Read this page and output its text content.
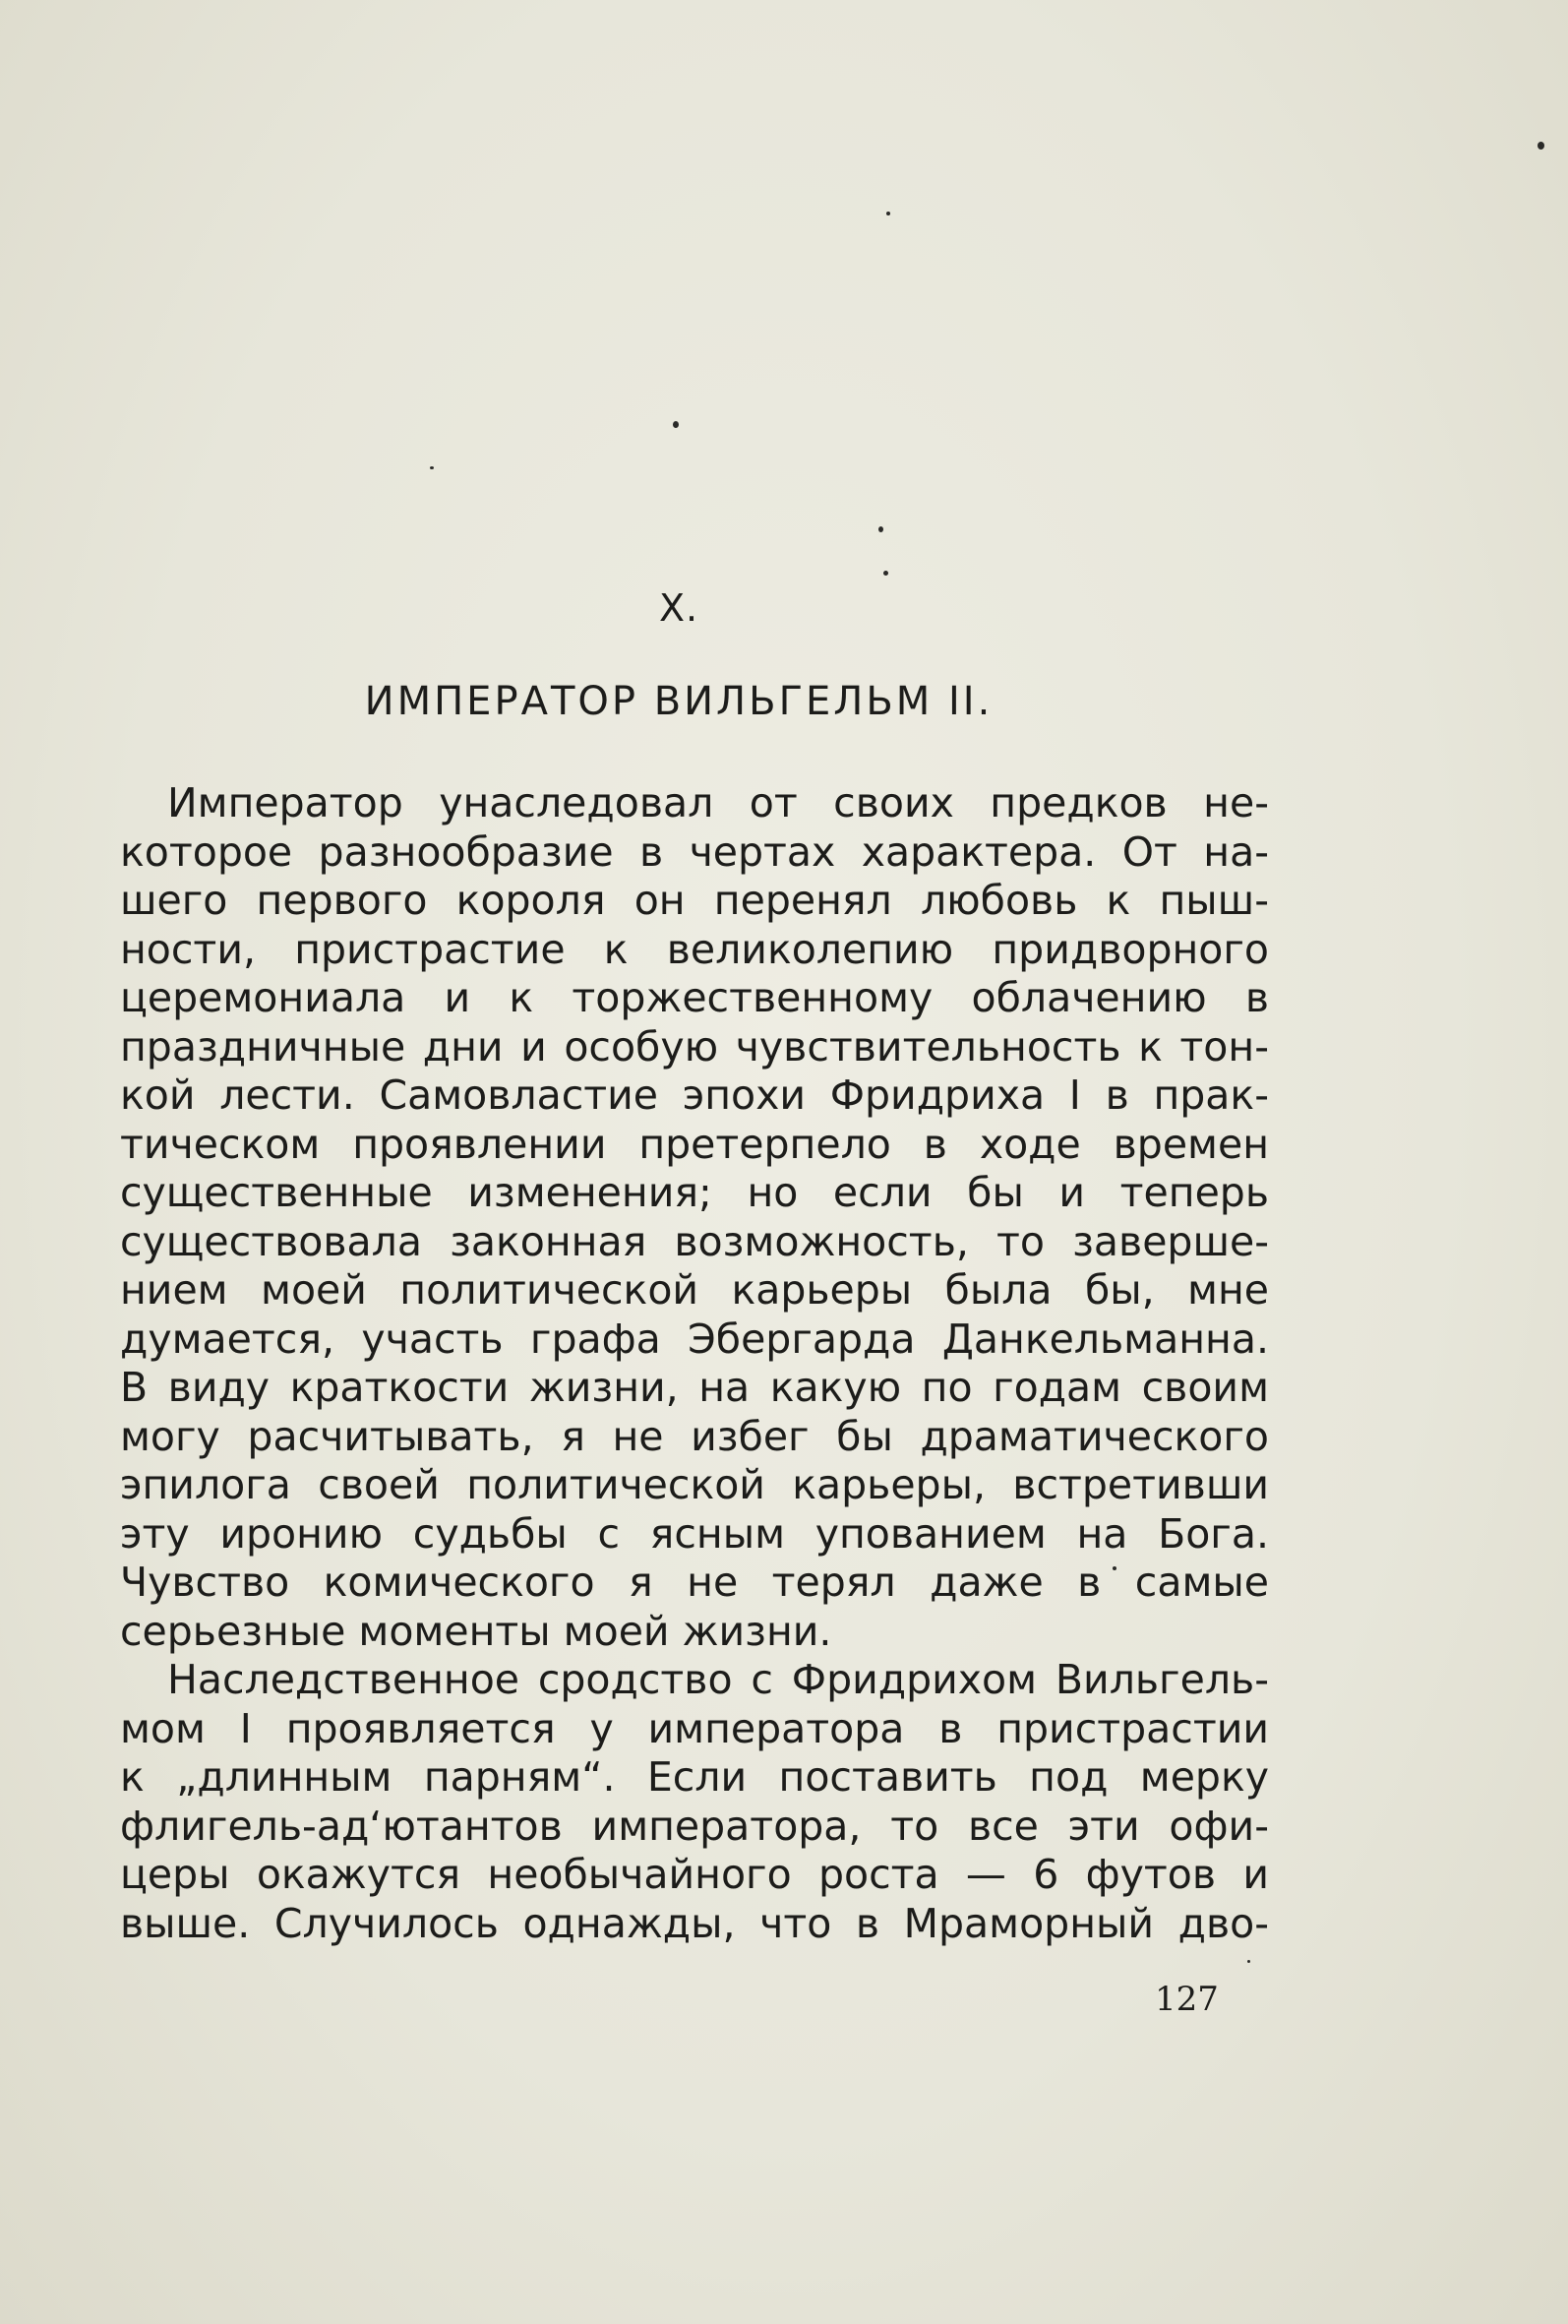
X.
ИМПЕРАТОР ВИЛЬГЕЛЬМ II.
Император унаследовал от своих предков не-
которое разнообразие в чертах характера. От на-
шего первого короля он перенял любовь к пыш-
ности, пристрастие к великолепию придворного
церемониала и к торжественному облачению в
праздничные дни и особую чувствительность к тон-
кой лести. Самовластие эпохи Фридриха I в прак-
тическом проявлении претерпело в ходе времен
существенные изменения; но если бы и теперь
существовала законная возможность, то заверше-
нием моей политической карьеры была бы, мне
думается, участь графа Эбергарда Данкельманна.
В виду краткости жизни, на какую по годам своим
могу расчитывать, я не избег бы драматического
эпилога своей политической карьеры, встретивши
эту иронию судьбы с ясным упованием на Бога.
Чувство комического я не терял даже в самые
серьезные моменты моей жизни.
Наследственное сродство с Фридрихом Вильгель-
мом I проявляется у императора в пристрастии
к „длинным парням“. Если поставить под мерку
флигель-ад‘ютантов императора, то все эти офи-
церы окажутся необычайного роста — 6 футов и
выше. Случилось однажды, что в Мраморный дво-
127
